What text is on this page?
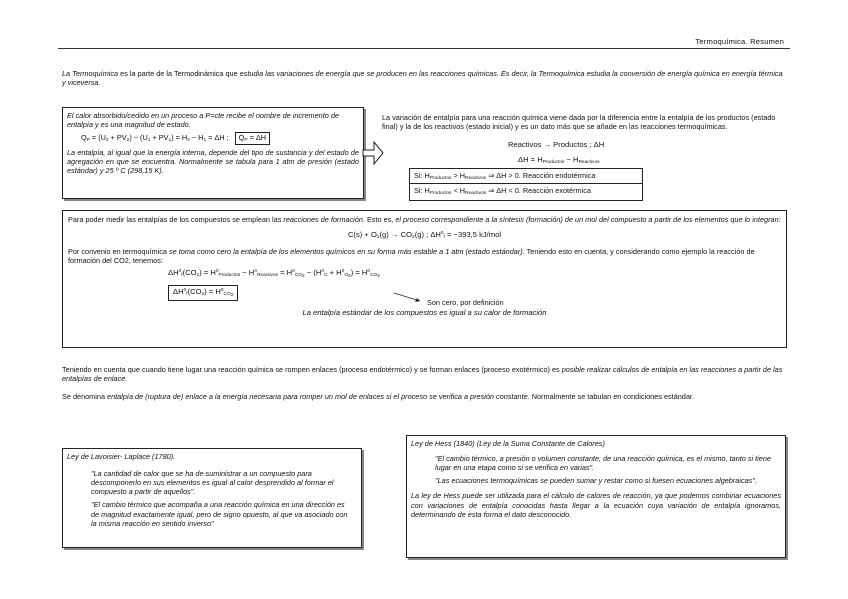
Termoquímica. Resumen
La Termoquímica es la parte de la Termodinámica que estudia las variaciones de energía que se producen en las reacciones químicas. Es decir, la Termoquímica estudia la conversión de energía química en energía térmica y viceversa.

El calor absorbido/cedido en un proceso a P=cte recibe el nombre de incremento de entalpía y es una magnitud de estado.

$Q_P = (U_2 + PV_2) - (U_1 + PV_1) = H_2 - H_1 = \Delta H$ ; $Q_P = \Delta H$

La entalpía, al igual que la energía interna, depende del tipo de sustancia y del estado de agregación en que se encuentra. Normalmente se tabula para 1 atm de presión (estado estándar) y 25 º C (298,15 K).

La variación de entalpía para una reacción química viene dada por la diferencia entre la entalpía de los productos (estado final) y la de los reactivos (estado inicial) y es un dato más que se añade en las reacciones termoquímicas.

Reactivos → Productos ; ΔH
$\Delta H = H_{Productos} - H_{Reactivos}$
Si: $H_{Productos} > H_{Reactivos}$ ⇒ ΔH > 0. Reacción endotérmica
Si: $H_{Productos} < H_{Reactivos}$ ⇒ ΔH < 0. Reacción exotérmica

Para poder medir las entalpías de los compuestos se emplean las reacciones de formación. Esto es, el proceso correspondiente a la síntesis (formación) de un mol del compuesto a partir de los elementos que lo integran:

$C(s) + O_2(g) \to CO_2(g)$ ; $\Delta H^0_f = -393,5$ kJ/mol

Por convenio en termoquímica se toma como cero la entalpía de los elementos químicos en su forma más estable a 1 atm (estado estándar). Teniendo esto en cuenta, y considerando como ejemplo la reacción de formación del CO2, tenemos:

$\Delta H^0_f(CO_2) = H^0_{Productos} - H^0_{Reactivos} = H^0_{CO_2} - (H^0_C + H^0_{O_2}) = H^0_{CO_2}$
$\Delta H^0_f(CO_2) = H^0_{CO_2}$
La entalpía estándar de los compuestos es igual a su calor de formación
Son cero, por definición
Teniendo en cuenta que cuando tiene lugar una reacción química se rompen enlaces (proceso endotérmico) y se forman enlaces (proceso exotérmico) es posible realizar cálculos de entalpía en las reacciones a partir de las entalpías de enlace.
Se denomina entalpía de (ruptura de) enlace a la energía necesaria para romper un mol de enlaces si el proceso se verifica a presión constante. Normalmente se tabulan en condiciones estándar.

Ley de Lavoisier- Laplace (1780).

"La cantidad de calor que se ha de suministrar a un compuesto para descomponerlo en sus elementos es igual al calor desprendido al formar el compuesto a partir de aquellos".

"El cambio térmico que acompaña a una reacción química en una dirección es de magnitud exactamente igual, pero de signo opuesto, al que va asociado con la misma reacción en sentido inverso"

Ley de Hess (1840) (Ley de la Suma Constante de Calores)

"El cambio térmico, a presión o volumen constante, de una reacción química, es el mismo, tanto si tiene lugar en una etapa como si se verifica en varias".

"Las ecuaciones termoquímicas se pueden sumar y restar como si fuesen ecuaciones algebraicas".

La ley de Hess puede ser utilizada para el cálculo de calores de reacción, ya que podemos combinar ecuaciones con variaciones de entalpía conocidas hasta llegar a la ecuación cuya variación de entalpía ignoramos, determinando de esta forma el dato desconocido.
